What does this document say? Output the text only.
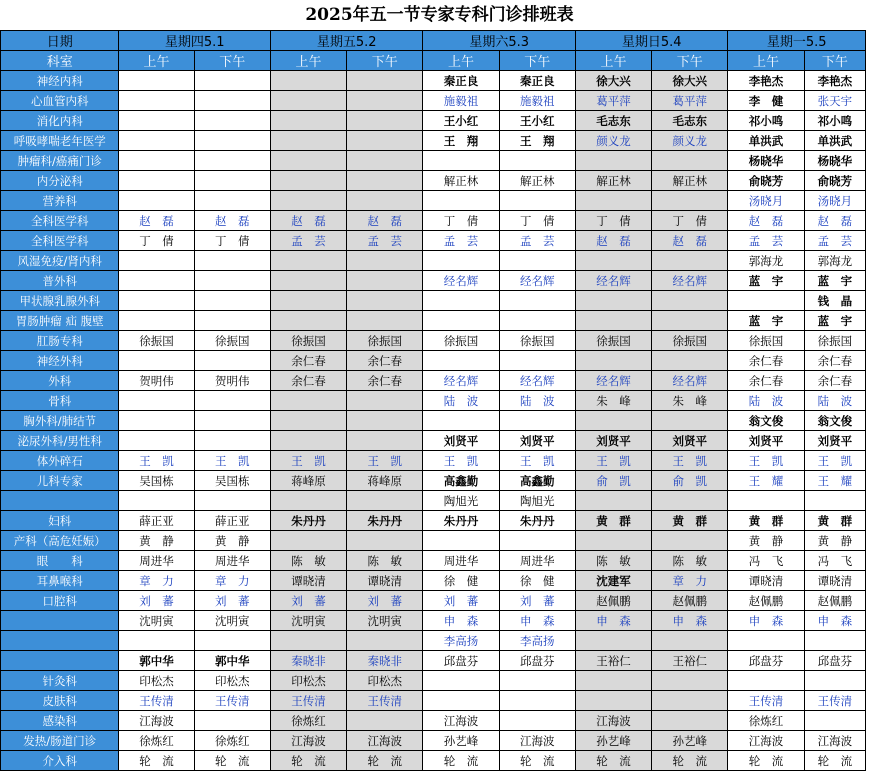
2025年五一节专家专科门诊排班表
日期	星期四5.1		星期五5.2		星期六5.3		星期日5.4		星期一5.5	
科室	上午	下午	上午	下午	上午	下午	上午	下午	上午	下午
神经内科					秦正良	秦正良	徐大兴	徐大兴	李艳杰	李艳杰
心血管内科					施毅祖	施毅祖	葛平萍	葛平萍	李　健	张天宇
消化内科					王小红	王小红	毛志东	毛志东	祁小鸣	祁小鸣
呼吸哮喘老年医学					王　翔	王　翔	颜义龙	颜义龙	单洪武	单洪武
肿瘤科/癌痛门诊									杨晓华	杨晓华
内分泌科					解正林	解正林	解正林	解正林	俞晓芳	俞晓芳
营养科									汤晓月	汤晓月
全科医学科	赵　磊	赵　磊	赵　磊	赵　磊	丁　倩	丁　倩	丁　倩	丁　倩	赵　磊	赵　磊
全科医学科	丁　倩	丁　倩	孟　芸	孟　芸	孟　芸	孟　芸	赵　磊	赵　磊	孟　芸	孟　芸
风湿免疫/肾内科									郭海龙	郭海龙
普外科					经名辉	经名辉	经名辉	经名辉	蓝　宇	蓝　宇
甲状腺乳腺外科										钱　晶
胃肠肿瘤 疝 腹壁									蓝　宇	蓝　宇
肛肠专科	徐振国	徐振国	徐振国	徐振国	徐振国	徐振国	徐振国	徐振国	徐振国	徐振国
神经外科			余仁春	余仁春					余仁春	余仁春
外科	贺明伟	贺明伟	余仁春	余仁春	经名辉	经名辉	经名辉	经名辉	余仁春	余仁春
骨科					陆　波	陆　波	朱　峰	朱　峰	陆　波	陆　波
胸外科/肺结节									翁文俊	翁文俊
泌尿外科/男性科					刘贤平	刘贤平	刘贤平	刘贤平	刘贤平	刘贤平
体外碎石	王　凯	王　凯	王　凯	王　凯	王　凯	王　凯	王　凯	王　凯	王　凯	王　凯
儿科专家	吴国栋	吴国栋	蒋峰原	蒋峰原	高鑫勤	高鑫勤	俞　凯	俞　凯	王　耀	王　耀
					陶旭光	陶旭光				
妇科	薛正亚	薛正亚	朱丹丹	朱丹丹	朱丹丹	朱丹丹	黄　群	黄　群	黄　群	黄　群
产科（高危妊娠）	黄　静	黄　静							黄　静	黄　静
眼　　科	周进华	周进华	陈　敏	陈　敏	周进华	周进华	陈　敏	陈　敏	冯　飞	冯　飞
耳鼻喉科	章　力	章　力	谭晓清	谭晓清	徐　健	徐　健	沈建军	章　力	谭晓清	谭晓清
口腔科	刘　蕃	刘　蕃	刘　蕃	刘　蕃	刘　蕃	刘　蕃	赵佩鹏	赵佩鹏	赵佩鹏	赵佩鹏
	沈明寅	沈明寅	沈明寅	沈明寅	申　森	申　森	申　森	申　森	申　森	申　森
					李高扬	李高扬				
	郭中华	郭中华	秦晓非	秦晓非	邱盘芬	邱盘芬	王裕仁	王裕仁	邱盘芬	邱盘芬
针灸科	印松杰	印松杰	印松杰	印松杰						
皮肤科	王传清	王传清	王传清	王传清					王传清	王传清
感染科	江海波		徐炼红		江海波		江海波		徐炼红	
发热/肠道门诊	徐炼红	徐炼红	江海波	江海波	孙艺峰	江海波	孙艺峰	孙艺峰	江海波	江海波
介入科	轮　流	轮　流	轮　流	轮　流	轮　流	轮　流	轮　流	轮　流	轮　流	轮　流
